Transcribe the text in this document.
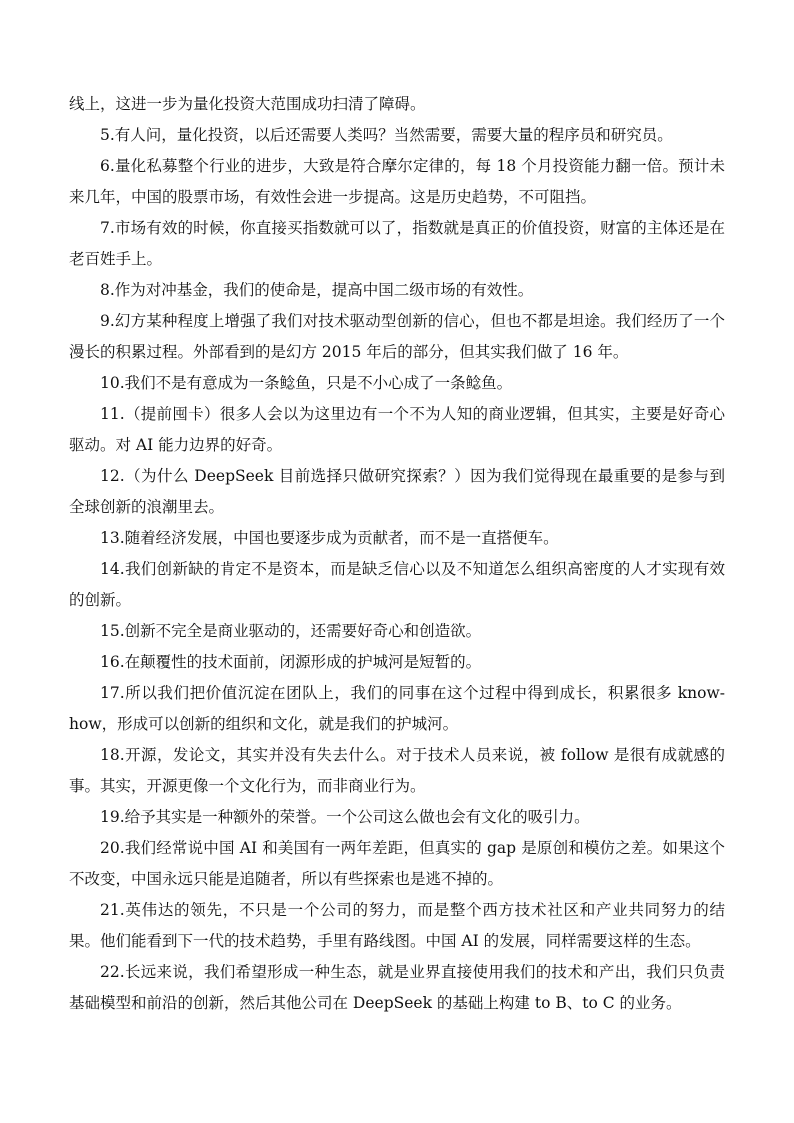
线上，这进一步为量化投资大范围成功扫清了障碍。

5.有人问，量化投资，以后还需要人类吗？当然需要，需要大量的程序员和研究员。

6.量化私募整个行业的进步，大致是符合摩尔定律的，每 18 个月投资能力翻一倍。预计未来几年，中国的股票市场，有效性会进一步提高。这是历史趋势，不可阻挡。

7.市场有效的时候，你直接买指数就可以了，指数就是真正的价值投资，财富的主体还是在老百姓手上。

8.作为对冲基金，我们的使命是，提高中国二级市场的有效性。

9.幻方某种程度上增强了我们对技术驱动型创新的信心，但也不都是坦途。我们经历了一个漫长的积累过程。外部看到的是幻方 2015 年后的部分，但其实我们做了 16 年。

10.我们不是有意成为一条鲶鱼，只是不小心成了一条鲶鱼。

11.（提前囤卡）很多人会以为这里边有一个不为人知的商业逻辑，但其实，主要是好奇心驱动。对 AI 能力边界的好奇。

12.（为什么 DeepSeek 目前选择只做研究探索？）因为我们觉得现在最重要的是参与到全球创新的浪潮里去。

13.随着经济发展，中国也要逐步成为贡献者，而不是一直搭便车。

14.我们创新缺的肯定不是资本，而是缺乏信心以及不知道怎么组织高密度的人才实现有效的创新。

15.创新不完全是商业驱动的，还需要好奇心和创造欲。

16.在颠覆性的技术面前，闭源形成的护城河是短暂的。

17.所以我们把价值沉淀在团队上，我们的同事在这个过程中得到成长，积累很多 know-how，形成可以创新的组织和文化，就是我们的护城河。

18.开源，发论文，其实并没有失去什么。对于技术人员来说，被 follow 是很有成就感的事。其实，开源更像一个文化行为，而非商业行为。

19.给予其实是一种额外的荣誉。一个公司这么做也会有文化的吸引力。

20.我们经常说中国 AI 和美国有一两年差距，但真实的 gap 是原创和模仿之差。如果这个不改变，中国永远只能是追随者，所以有些探索也是逃不掉的。

21.英伟达的领先，不只是一个公司的努力，而是整个西方技术社区和产业共同努力的结果。他们能看到下一代的技术趋势，手里有路线图。中国 AI 的发展，同样需要这样的生态。

22.长远来说，我们希望形成一种生态，就是业界直接使用我们的技术和产出，我们只负责基础模型和前沿的创新，然后其他公司在 DeepSeek 的基础上构建 to B、to C 的业务。
